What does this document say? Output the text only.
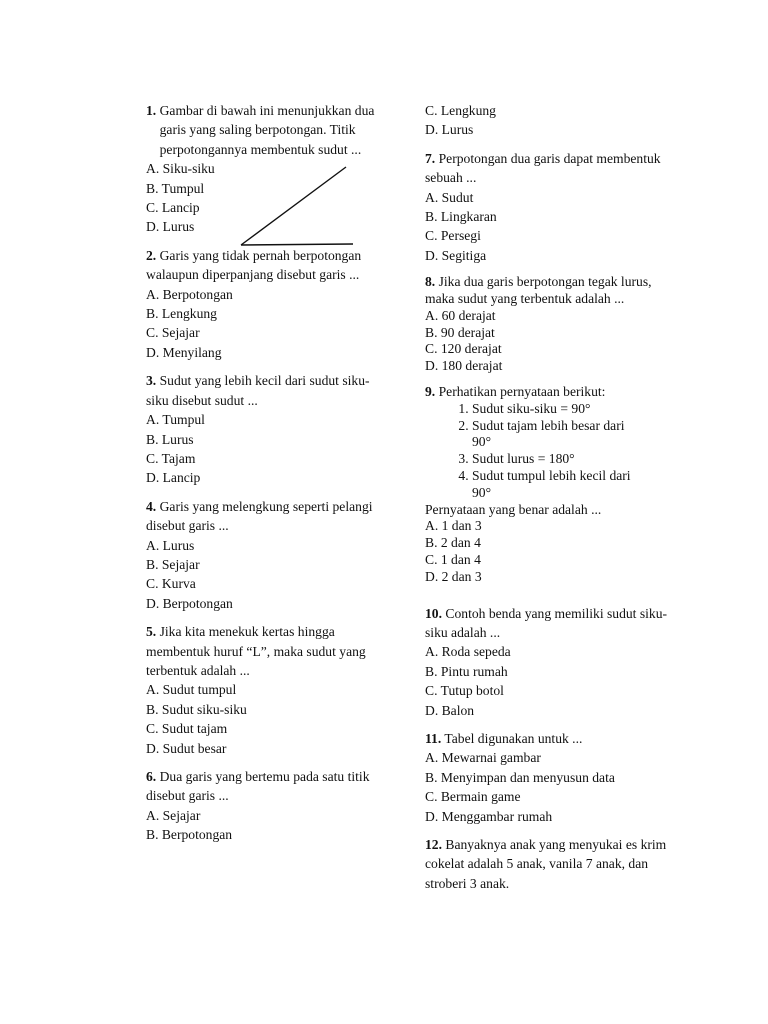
1. Gambar di bawah ini menunjukkan dua garis yang saling berpotongan. Titik perpotongannya membentuk sudut ...
A. Siku-siku
B. Tumpul
C. Lancip
D. Lurus
2. Garis yang tidak pernah berpotongan walaupun diperpanjang disebut garis ...
A. Berpotongan
B. Lengkung
C. Sejajar
D. Menyilang
3. Sudut yang lebih kecil dari sudut siku-siku disebut sudut ...
A. Tumpul
B. Lurus
C. Tajam
D. Lancip
4. Garis yang melengkung seperti pelangi disebut garis ...
A. Lurus
B. Sejajar
C. Kurva
D. Berpotongan
5. Jika kita menekuk kertas hingga membentuk huruf “L”, maka sudut yang terbentuk adalah ...
A. Sudut tumpul
B. Sudut siku-siku
C. Sudut tajam
D. Sudut besar
6. Dua garis yang bertemu pada satu titik disebut garis ...
A. Sejajar
B. Berpotongan
C. Lengkung
D. Lurus
7. Perpotongan dua garis dapat membentuk sebuah ...
A. Sudut
B. Lingkaran
C. Persegi
D. Segitiga
8. Jika dua garis berpotongan tegak lurus, maka sudut yang terbentuk adalah ...
A. 60 derajat
B. 90 derajat
C. 120 derajat
D. 180 derajat
9. Perhatikan pernyataan berikut:
1. Sudut siku-siku = 90°
2. Sudut tajam lebih besar dari
90°
3. Sudut lurus = 180°
4. Sudut tumpul lebih kecil dari
90°
Pernyataan yang benar adalah ...
A. 1 dan 3
B. 2 dan 4
C. 1 dan 4
D. 2 dan 3
10. Contoh benda yang memiliki sudut siku-siku adalah ...
A. Roda sepeda
B. Pintu rumah
C. Tutup botol
D. Balon
11. Tabel digunakan untuk ...
A. Mewarnai gambar
B. Menyimpan dan menyusun data
C. Bermain game
D. Menggambar rumah
12. Banyaknya anak yang menyukai es krim cokelat adalah 5 anak, vanila 7 anak, dan stroberi 3 anak.
